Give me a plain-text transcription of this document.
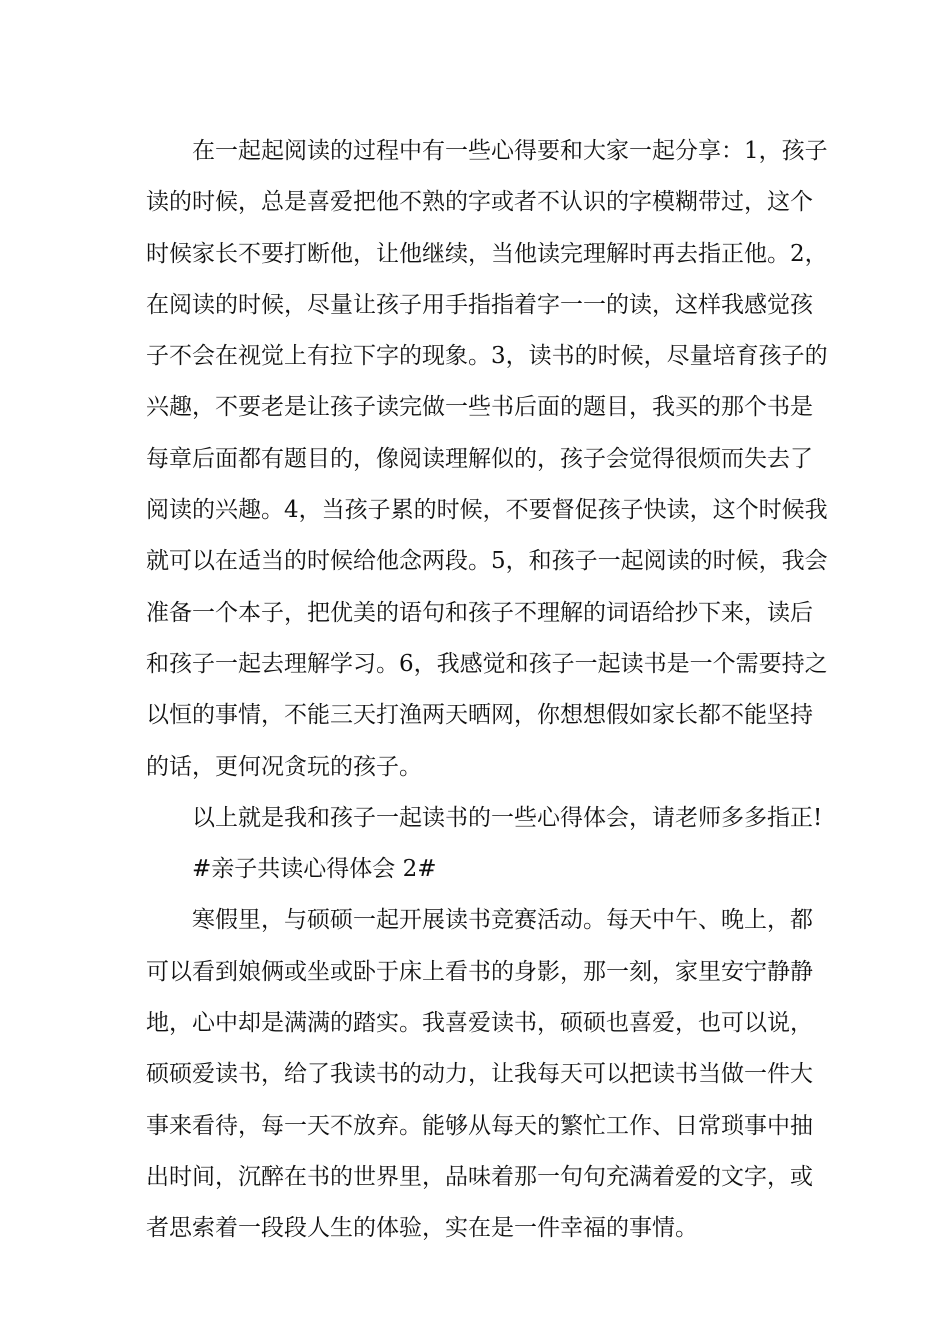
在一起起阅读的过程中有一些心得要和大家一起分享：1，孩子
读的时候，总是喜爱把他不熟的字或者不认识的字模糊带过，这个
时候家长不要打断他，让他继续，当他读完理解时再去指正他。2，
在阅读的时候，尽量让孩子用手指指着字一一的读，这样我感觉孩
子不会在视觉上有拉下字的现象。3，读书的时候，尽量培育孩子的
兴趣，不要老是让孩子读完做一些书后面的题目，我买的那个书是
每章后面都有题目的，像阅读理解似的，孩子会觉得很烦而失去了
阅读的兴趣。4，当孩子累的时候，不要督促孩子快读，这个时候我
就可以在适当的时候给他念两段。5，和孩子一起阅读的时候，我会
准备一个本子，把优美的语句和孩子不理解的词语给抄下来，读后
和孩子一起去理解学习。6，我感觉和孩子一起读书是一个需要持之
以恒的事情，不能三天打渔两天晒网，你想想假如家长都不能坚持
的话，更何况贪玩的孩子。
以上就是我和孩子一起读书的一些心得体会，请老师多多指正!
#亲子共读心得体会 2#
寒假里，与硕硕一起开展读书竞赛活动。每天中午、晚上，都
可以看到娘俩或坐或卧于床上看书的身影，那一刻，家里安宁静静
地，心中却是满满的踏实。我喜爱读书，硕硕也喜爱，也可以说，
硕硕爱读书，给了我读书的动力，让我每天可以把读书当做一件大
事来看待，每一天不放弃。能够从每天的繁忙工作、日常琐事中抽
出时间，沉醉在书的世界里，品味着那一句句充满着爱的文字，或
者思索着一段段人生的体验，实在是一件幸福的事情。
